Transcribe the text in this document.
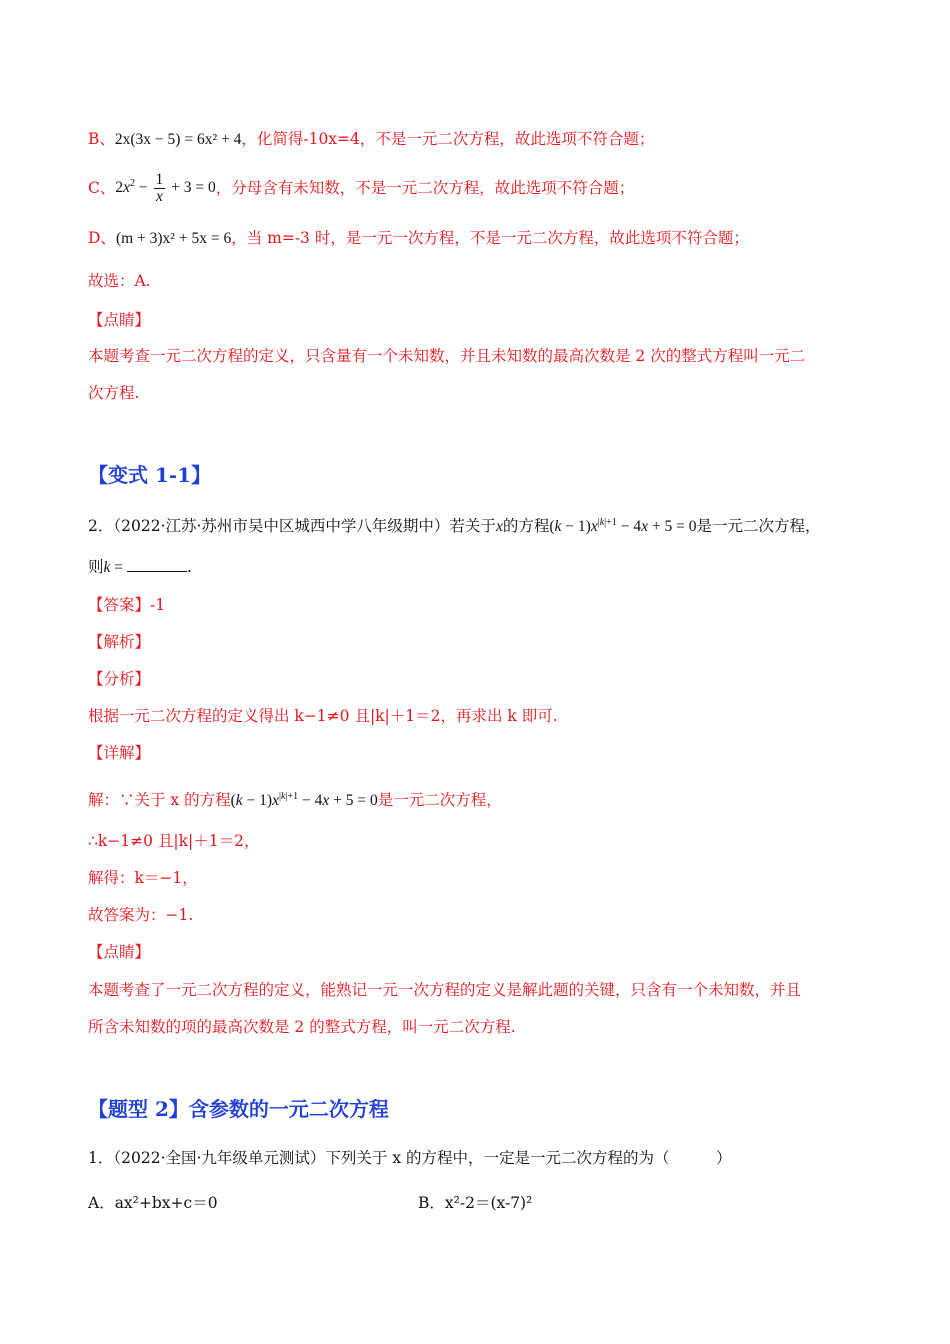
B、2x(3x − 5) = 6x² + 4，化简得-10x=4，不是一元二次方程，故此选项不符合题；
C、 $2x^2 - \frac{1}{x} + 3 = 0$ ，分母含有未知数，不是一元二次方程，故此选项不符合题；
D、(m + 3)x² + 5x = 6，当 m=-3 时，是一元一次方程，不是一元二次方程，故此选项不符合题；
故选：A.
【点睛】
本题考查一元二次方程的定义，只含量有一个未知数，并且未知数的最高次数是 2 次的整式方程叫一元二
次方程.
【变式 1-1】
2．（2022·江苏·苏州市吴中区城西中学八年级期中）若关于x的方程$(k - 1)x^{|k|+1} - 4x + 5 = 0$是一元二次方程，
则k =	.
【答案】-1
【解析】
【分析】
根据一元二次方程的定义得出 k−1≠0 且|k|＋1＝2，再求出 k 即可.
【详解】
解：∵关于 x 的方程$(k - 1)x^{|k|+1} - 4x + 5 = 0$是一元二次方程，
∴k−1≠0 且|k|＋1＝2，
解得：k＝−1，
故答案为：−1.
【点睛】
本题考查了一元二次方程的定义，能熟记一元一次方程的定义是解此题的关键，只含有一个未知数，并且
所含未知数的项的最高次数是 2 的整式方程，叫一元二次方程.
【题型 2】含参数的一元二次方程
1．（2022·全国·九年级单元测试）下列关于 x 的方程中，一定是一元二次方程的为（　　　）
A．ax²+bx+c＝0	B．x²-2＝(x-7)²
